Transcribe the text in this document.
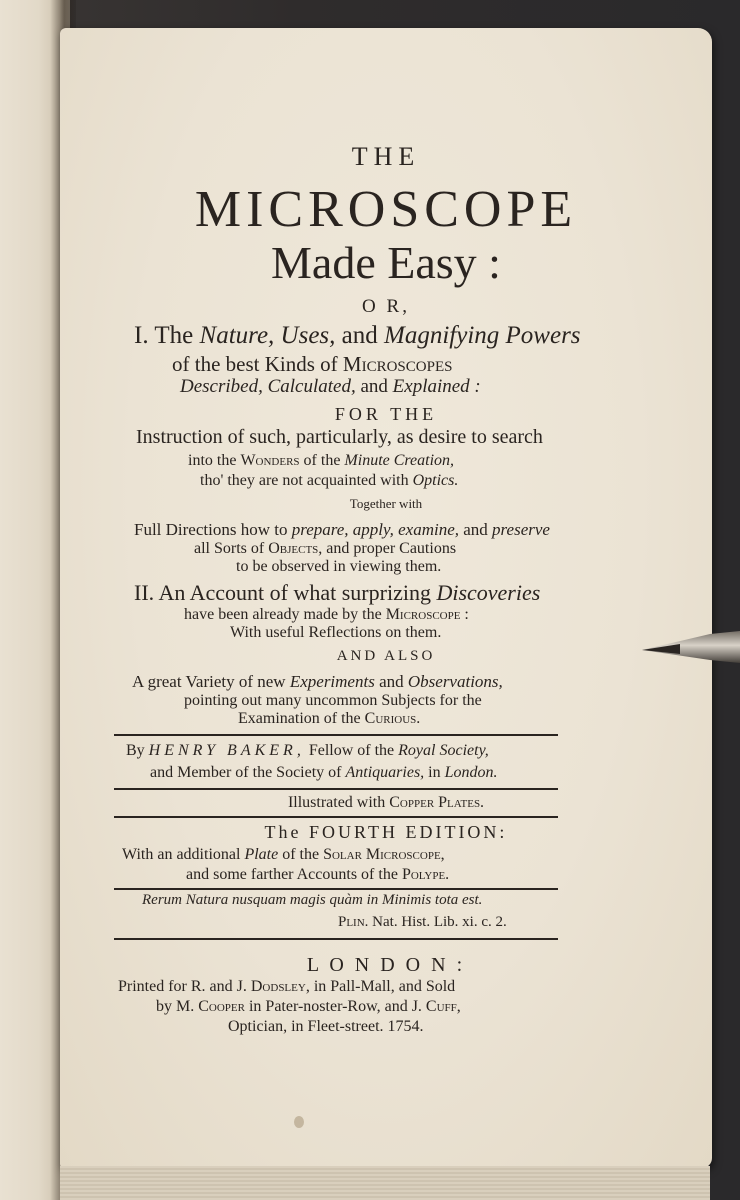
THE
MICROSCOPE
Made Easy :
O R,
I. The Nature, Uses, and Magnifying Powers
of the best Kinds of Microscopes
Described, Calculated, and Explained :
FOR THE
Instruction of such, particularly, as desire to search
into the Wonders of the Minute Creation,
tho' they are not acquainted with Optics.
Together with
Full Directions how to prepare, apply, examine, and preserve
all Sorts of Objects, and proper Cautions
to be observed in viewing them.
II. An Account of what surprizing Discoveries
have been already made by the Microscope :
With useful Reflections on them.
AND ALSO
A great Variety of new Experiments and Observations,
pointing out many uncommon Subjects for the
Examination of the Curious.
By HENRY BAKER, Fellow of the Royal Society,
and Member of the Society of Antiquaries, in London.
Illustrated with Copper Plates.
The FOURTH EDITION:
With an additional Plate of the Solar Microscope,
and some farther Accounts of the Polype.
Rerum Natura nusquam magis quàm in Minimis tota est.
Plin. Nat. Hist. Lib. xi. c. 2.
L O N D O N :
Printed for R. and J. Dodsley, in Pall-Mall, and Sold
by M. Cooper in Pater-noster-Row, and J. Cuff,
Optician, in Fleet-street. 1754.
